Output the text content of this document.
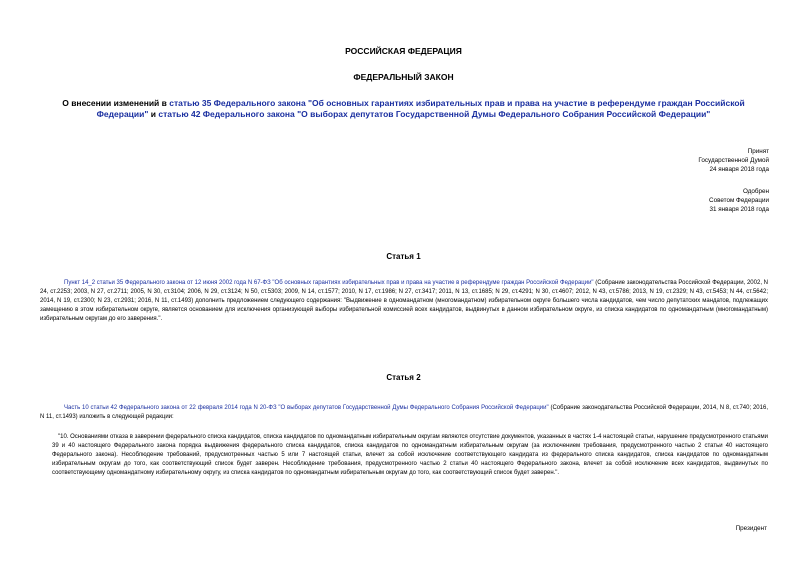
РОССИЙСКАЯ ФЕДЕРАЦИЯ
ФЕДЕРАЛЬНЫЙ ЗАКОН
О внесении изменений в статью 35 Федерального закона "Об основных гарантиях избирательных прав и права на участие в референдуме граждан Российской Федерации" и статью 42 Федерального закона "О выборах депутатов Государственной Думы Федерального Собрания Российской Федерации"
Принят
Государственной Думой
24 января 2018 года
Одобрен
Советом Федерации
31 января 2018 года
Статья 1
Пункт 14_2 статьи 35 Федерального закона от 12 июня 2002 года N 67-ФЗ "Об основных гарантиях избирательных прав и права на участие в референдуме граждан Российской Федерации" (Собрание законодательства Российской Федерации, 2002, N 24, ст.2253; 2003, N 27, ст.2711; 2005, N 30, ст.3104; 2006, N 29, ст.3124; N 50, ст.5303; 2009, N 14, ст.1577; 2010, N 17, ст.1986; N 27, ст.3417; 2011, N 13, ст.1685; N 29, ст.4291; N 30, ст.4607; 2012, N 43, ст.5786; 2013, N 19, ст.2329; N 43, ст.5453; N 44, ст.5642; 2014, N 19, ст.2300; N 23, ст.2931; 2016, N 11, ст.1493) дополнить предложением следующего содержания: "Выдвижение в одномандатном (многомандатном) избирательном округе большего числа кандидатов, чем число депутатских мандатов, подлежащих замещению в этом избирательном округе, является основанием для исключения организующей выборы избирательной комиссией всех кандидатов, выдвинутых в данном избирательном округе, из списка кандидатов по одномандатным (многомандатным) избирательным округам до его заверения.".
Статья 2
Часть 10 статьи 42 Федерального закона от 22 февраля 2014 года N 20-ФЗ "О выборах депутатов Государственной Думы Федерального Собрания Российской Федерации" (Собрание законодательства Российской Федерации, 2014, N 8, ст.740; 2016, N 11, ст.1493) изложить в следующей редакции:
"10. Основаниями отказа в заверении федерального списка кандидатов, списка кандидатов по одномандатным избирательным округам являются отсутствие документов, указанных в частях 1-4 настоящей статьи, нарушение предусмотренного статьями 39 и 40 настоящего Федерального закона порядка выдвижения федерального списка кандидатов, списка кандидатов по одномандатным избирательным округам (за исключением требования, предусмотренного частью 2 статьи 40 настоящего Федерального закона). Несоблюдение требований, предусмотренных частью 5 или 7 настоящей статьи, влечет за собой исключение соответствующего кандидата из федерального списка кандидатов, списка кандидатов по одномандатным избирательным округам до того, как соответствующий список будет заверен. Несоблюдение требования, предусмотренного частью 2 статьи 40 настоящего Федерального закона, влечет за собой исключение всех кандидатов, выдвинутых по соответствующему одномандатному избирательному округу, из списка кандидатов по одномандатным избирательным округам до того, как соответствующий список будет заверен.".
Президент
